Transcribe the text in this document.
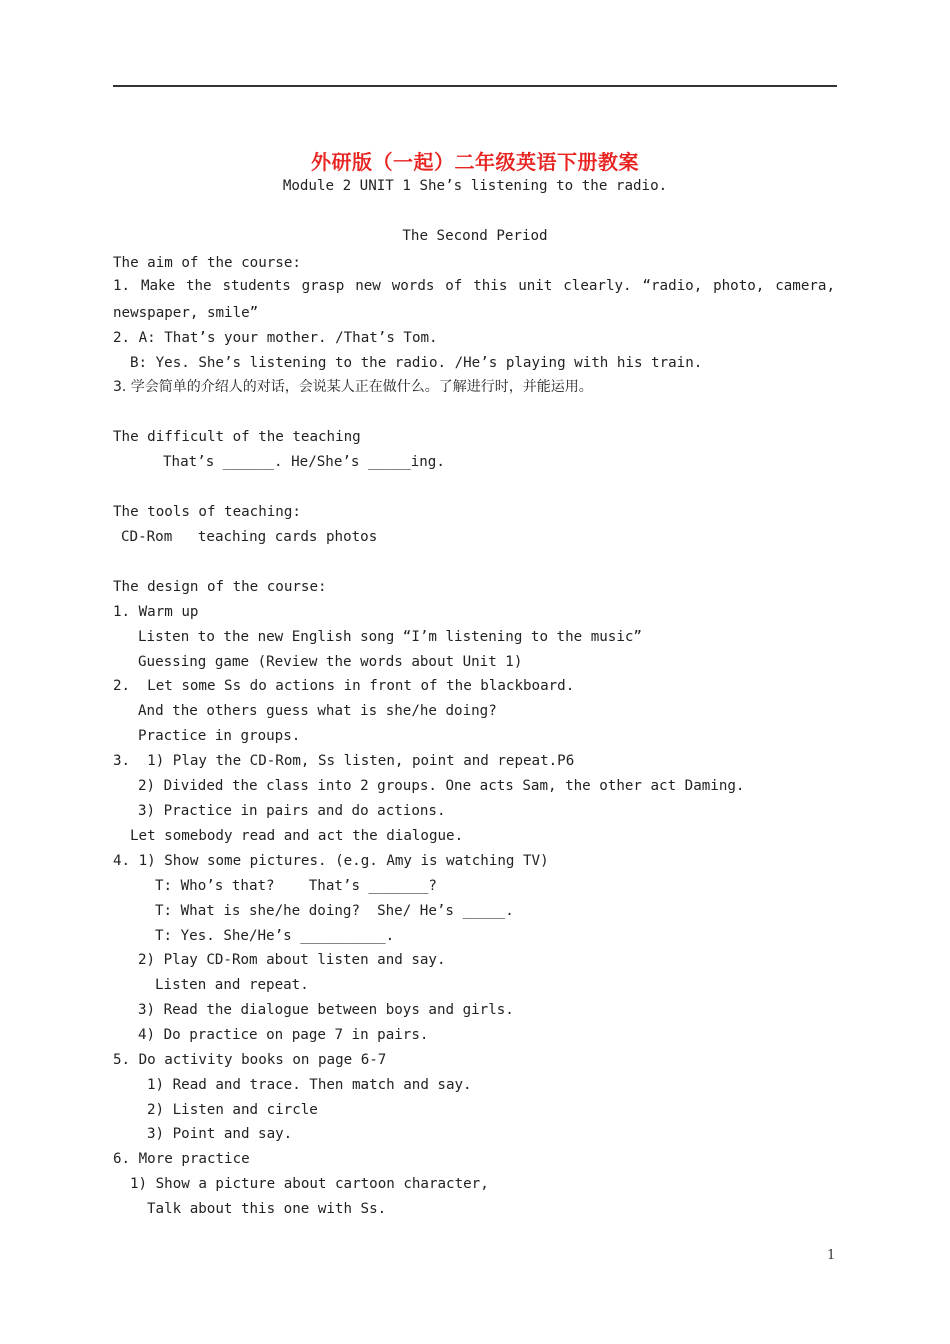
外研版（一起）二年级英语下册教案
Module 2 UNIT 1 She’s listening to the radio.
The Second Period
The aim of the course:
1. Make the students grasp new words of this unit clearly. “radio, photo, camera,
newspaper, smile”
2. A: That’s your mother. /That’s Tom.
B: Yes. She’s listening to the radio. /He’s playing with his train.
3. 学会简单的介绍人的对话，会说某人正在做什么。了解进行时，并能运用。
The difficult of the teaching
That’s ______. He/She’s _____ing.
The tools of teaching:
CD-Rom   teaching cards photos
The design of the course:
1. Warm up
Listen to the new English song “I’m listening to the music”
Guessing game (Review the words about Unit 1)
2.  Let some Ss do actions in front of the blackboard.
And the others guess what is she/he doing?
Practice in groups.
3.  1) Play the CD-Rom, Ss listen, point and repeat.P6
2) Divided the class into 2 groups. One acts Sam, the other act Daming.
3) Practice in pairs and do actions.
Let somebody read and act the dialogue.
4. 1) Show some pictures. (e.g. Amy is watching TV)
T: Who’s that?    That’s _______?
T: What is she/he doing?  She/ He’s _____.
T: Yes. She/He’s __________.
2) Play CD-Rom about listen and say.
Listen and repeat.
3) Read the dialogue between boys and girls.
4) Do practice on page 7 in pairs.
5. Do activity books on page 6-7
1) Read and trace. Then match and say.
2) Listen and circle
3) Point and say.
6. More practice
1) Show a picture about cartoon character,
Talk about this one with Ss.
1
